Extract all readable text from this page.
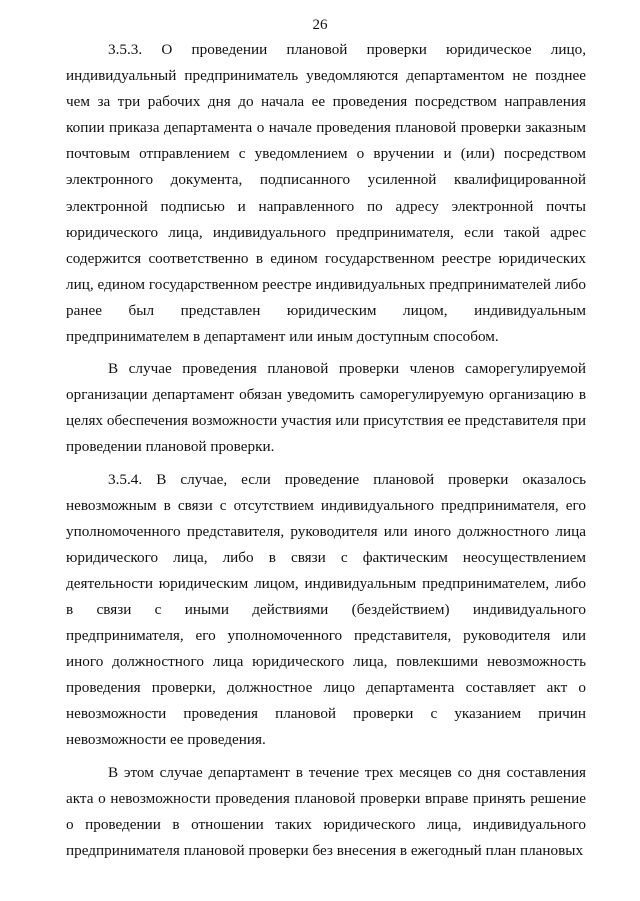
26

3.5.3. О проведении плановой проверки юридическое лицо, индивидуальный предприниматель уведомляются департаментом не позднее чем за три рабочих дня до начала ее проведения посредством направления копии приказа департамента о начале проведения плановой проверки заказным почтовым отправлением с уведомлением о вручении и (или) посредством электронного документа, подписанного усиленной квалифицированной электронной подписью и направленного по адресу электронной почты юридического лица, индивидуального предпринимателя, если такой адрес содержится соответственно в едином государственном реестре юридических лиц, едином государственном реестре индивидуальных предпринимателей либо ранее был представлен юридическим лицом, индивидуальным предпринимателем в департамент или иным доступным способом.

В случае проведения плановой проверки членов саморегулируемой организации департамент обязан уведомить саморегулируемую организацию в целях обеспечения возможности участия или присутствия ее представителя при проведении плановой проверки.

3.5.4. В случае, если проведение плановой проверки оказалось невозможным в связи с отсутствием индивидуального предпринимателя, его уполномоченного представителя, руководителя или иного должностного лица юридического лица, либо в связи с фактическим неосуществлением деятельности юридическим лицом, индивидуальным предпринимателем, либо в связи с иными действиями (бездействием) индивидуального предпринимателя, его уполномоченного представителя, руководителя или иного должностного лица юридического лица, повлекшими невозможность проведения проверки, должностное лицо департамента составляет акт о невозможности проведения плановой проверки с указанием причин невозможности ее проведения.

В этом случае департамент в течение трех месяцев со дня составления акта о невозможности проведения плановой проверки вправе принять решение о проведении в отношении таких юридического лица, индивидуального предпринимателя плановой проверки без внесения в ежегодный план плановых
